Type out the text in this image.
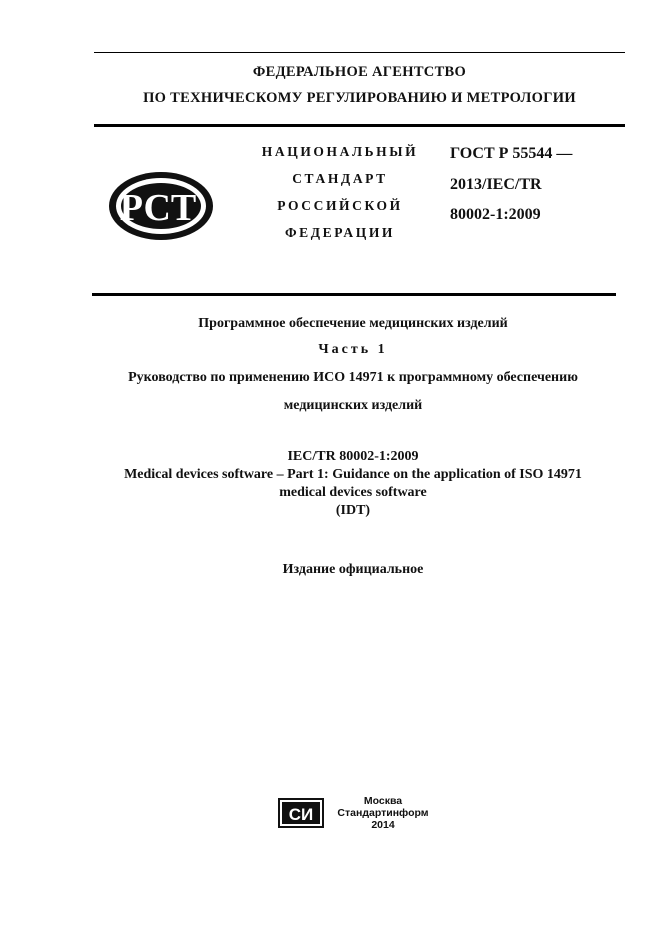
ФЕДЕРАЛЬНОЕ АГЕНТСТВО
ПО ТЕХНИЧЕСКОМУ РЕГУЛИРОВАНИЮ И МЕТРОЛОГИИ
РСТ
НАЦИОНАЛЬНЫЙ
СТАНДАРТ
РОССИЙСКОЙ
ФЕДЕРАЦИИ
ГОСТ Р 55544 —
2013/IEC/TR
80002-1:2009
Программное обеспечение медицинских изделий
Часть 1
Руководство по применению ИСО 14971 к программному обеспечению
медицинских изделий
IEC/TR 80002-1:2009
Medical devices software – Part 1: Guidance on the application of ISO 14971
medical devices software
(IDT)
Издание официальное
СИ
Москва
Стандартинформ
2014
